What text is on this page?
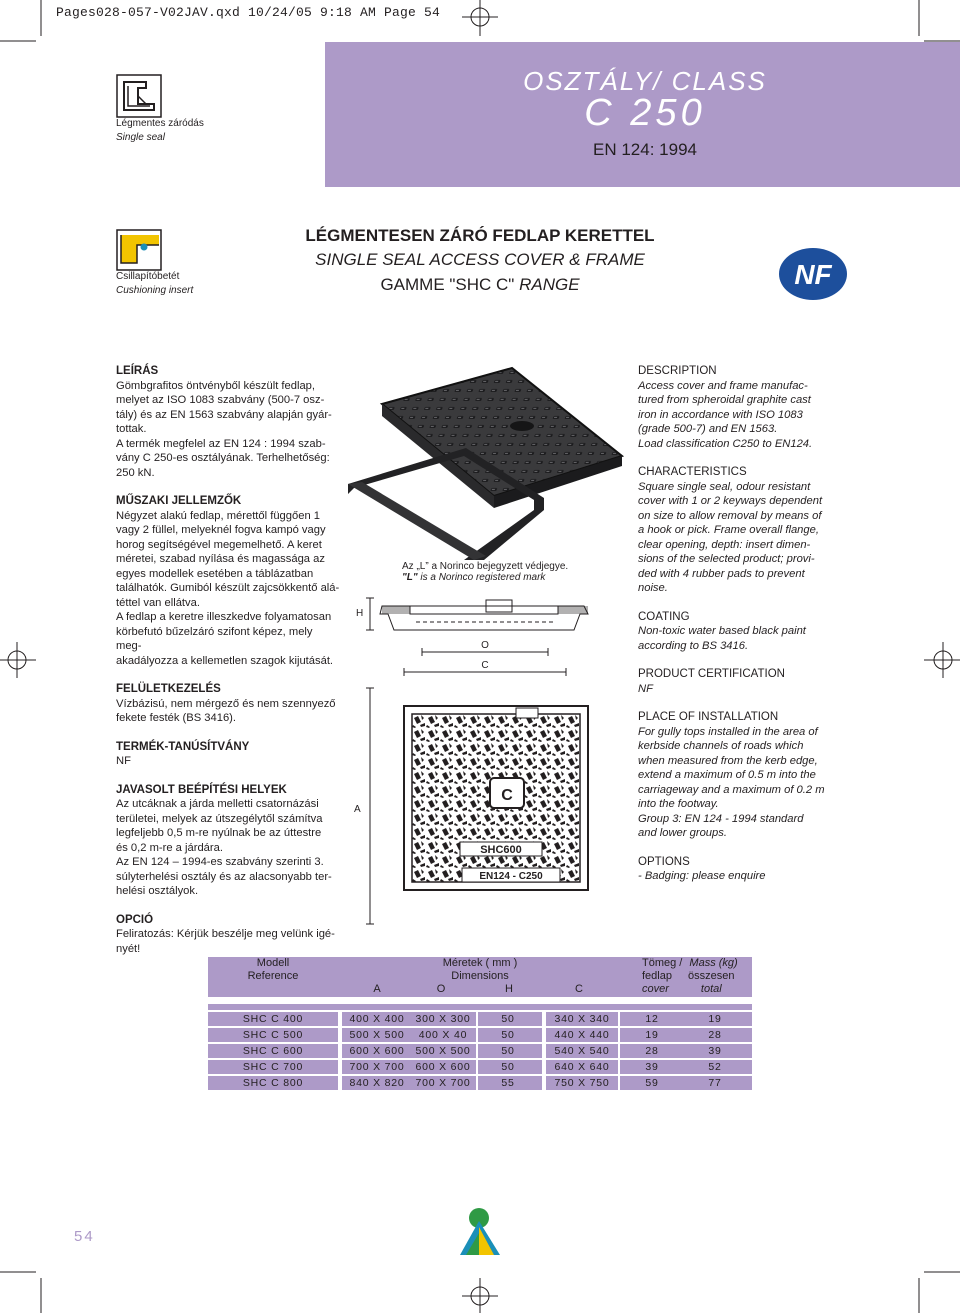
Pages028-057-V02JAV.qxd 10/24/05 9:18 AM Page 54
OSZTÁLY/ CLASS
C 250
EN 124: 1994
Légmentes záródás
Single seal
Csillapítóbetét
Cushioning insert
LÉGMENTESEN ZÁRÓ FEDLAP KERETTEL
SINGLE SEAL ACCESS COVER & FRAME
GAMME "SHC C" RANGE	NF
LEÍRÁS

Gömbgrafitos öntvényből készült fedlap,
melyet az ISO 1083 szabvány (500-7 osz-
tály) és az EN 1563 szabvány alapján gyár-
tottak.
A termék megfelel az EN 124 : 1994 szab-
vány C 250-es osztályának. Terhelhetőség:
250 kN.

MŰSZAKI JELLEMZŐK

Négyzet alakú fedlap, mérettől függően 1
vagy 2 füllel, melyeknél fogva kampó vagy
horog segítségével megemelhető. A keret
méretei, szabad nyílása és magassága az
egyes modellek esetében a táblázatban
találhatók. Gumiból készült zajcsökkentő alá-
téttel van ellátva.
A fedlap a keretre illeszkedve folyamatosan
körbefutó bűzelzáró szifont képez, mely meg-
akadályozza a kellemetlen szagok kijutását.

FELÜLETKEZELÉS

Vízbázisú, nem mérgező és nem szennyező
fekete festék (BS 3416).

TERMÉK-TANÚSÍTVÁNY

NF

JAVASOLT BEÉPÍTÉSI HELYEK

Az utcáknak a járda melletti csatornázási
területei, melyek az útszegélytől számítva
legfeljebb 0,5 m-re nyúlnak be az úttestre
és 0,2 m-re a járdára.
Az EN 124 – 1994-es szabvány szerinti 3.
súlyterhelési osztály és az alacsonyabb ter-
helési osztályok.

OPCIÓ

Feliratozás: Kérjük beszélje meg velünk igé-
nyét!

DESCRIPTION

Access cover and frame manufac-
tured from spheroidal graphite cast
iron in accordance with ISO 1083
(grade 500-7) and EN 1563.
Load classification C250 to EN124.

CHARACTERISTICS

Square single seal, odour resistant
cover with 1 or 2 keyways dependent
on size to allow removal by means of
a hook or pick. Frame overall flange,
clear opening, depth: insert dimen-
sions of the selected product; provi-
ded with 4 rubber pads to prevent
noise.

COATING

Non-toxic water based black paint
according to BS 3416.

PRODUCT CERTIFICATION

NF

PLACE OF INSTALLATION

For gully tops installed in the area of
kerbside channels of roads which
when measured from the kerb edge,
extend a maximum of 0.5 m into the
carriageway and a maximum of 0.2 m
into the footway.
Group 3: EN 124 - 1994 standard
and lower groups.

OPTIONS

- Badging: please enquire

Az „L” a Norinco bejegyzett védjegye.
"L" is a Norinco registered mark
H
O
C
C
SHC600
EN124 - C250
A
Modell
Reference
Méretek ( mm )
Dimensions
A	O	H	C
Tömeg / Mass (kg)
fedlap összesen
cover	total
SHC C 400	400 X 400	300 X 300	50	340 X 340	12	19
SHC C 500	500 X 500	400 X 40	50	440 X 440	19	28
SHC C 600	600 X 600	500 X 500	50	540 X 540	28	39
SHC C 700	700 X 700	600 X 600	50	640 X 640	39	52
SHC C 800	840 X 820	700 X 700	55	750 X 750	59	77
54
